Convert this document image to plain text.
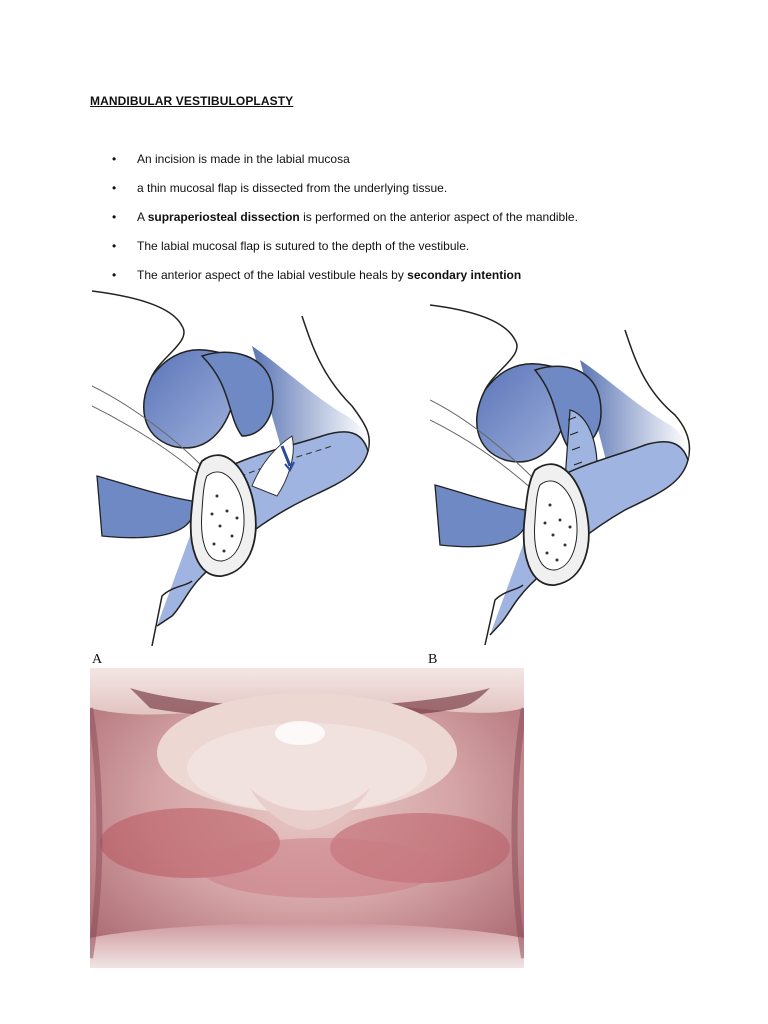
MANDIBULAR VESTIBULOPLASTY
•	An incision is made in the labial mucosa
•	a thin mucosal flap is dissected from the underlying tissue.
•	A supraperiosteal dissection is performed on the anterior aspect of the mandible.
•	The labial mucosal flap is sutured to the depth of the vestibule.
•	The anterior aspect of the labial vestibule heals by secondary intention
A	B
